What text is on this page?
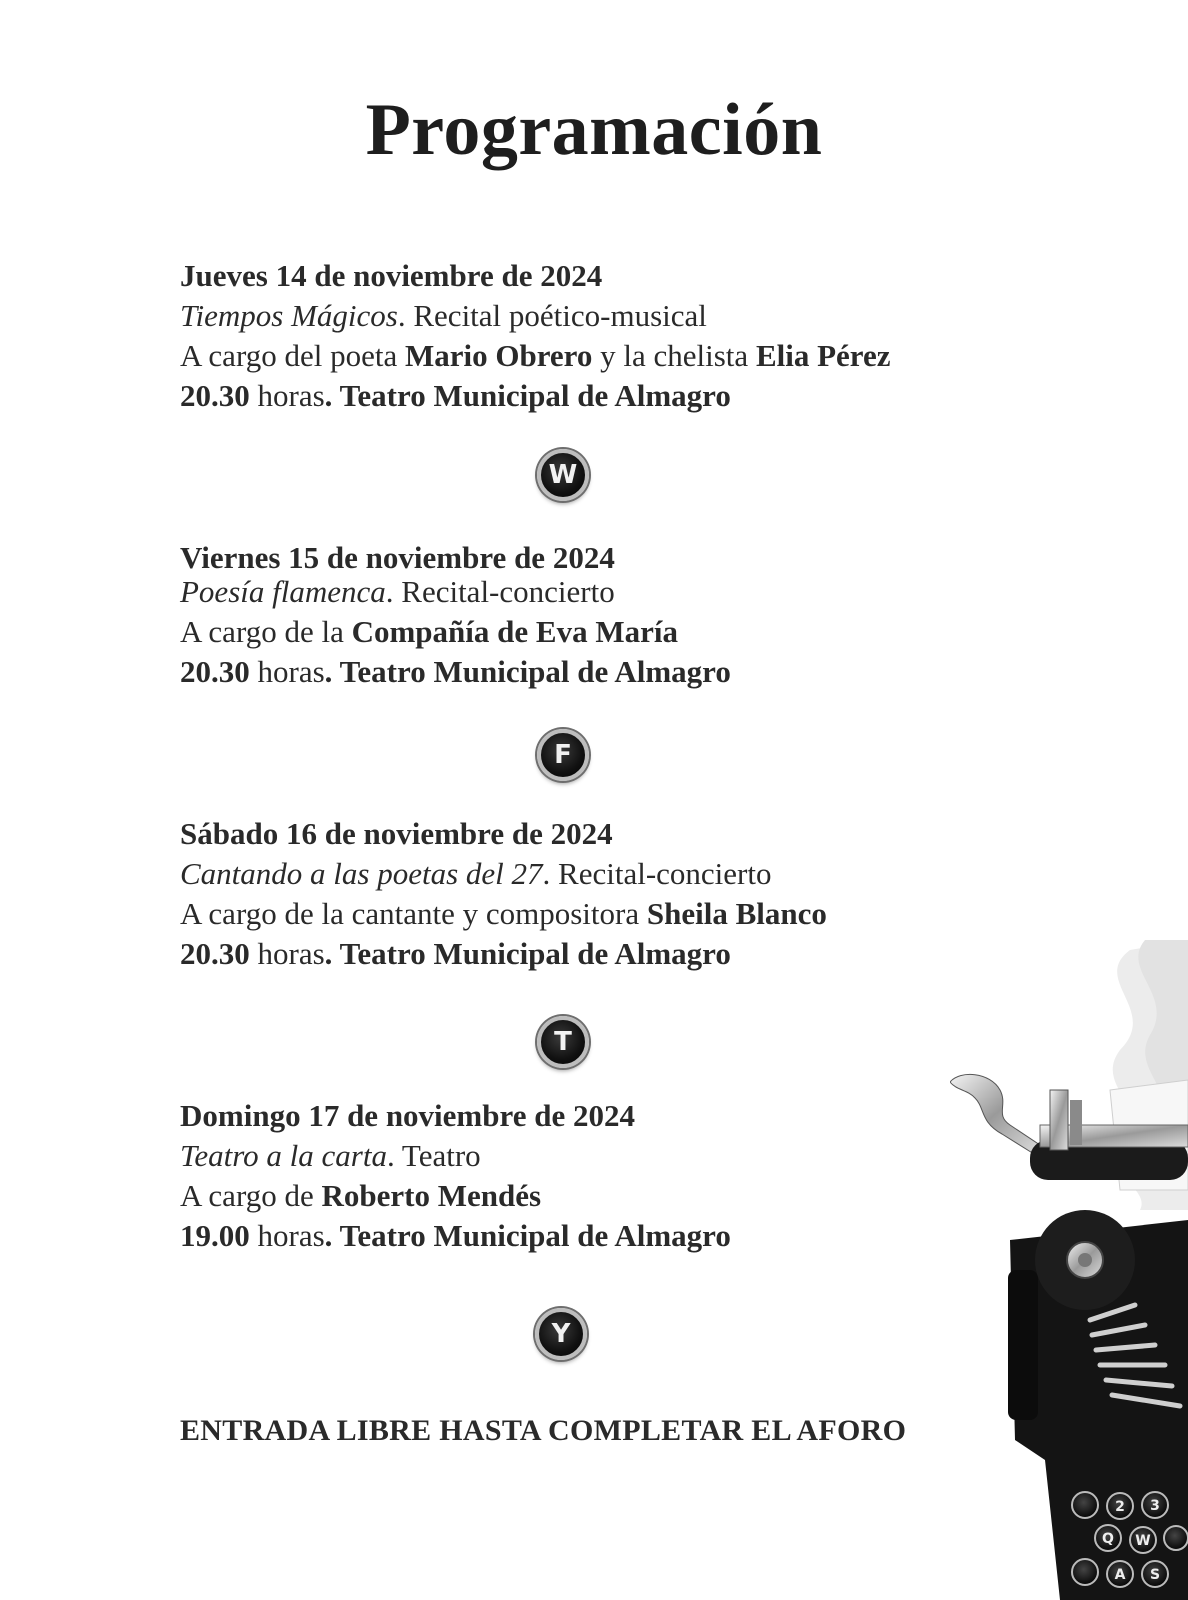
Programación
Jueves 14 de noviembre de 2024
Tiempos Mágicos. Recital poético-musical
A cargo del poeta Mario Obrero y la chelista Elia Pérez
20.30 horas. Teatro Municipal de Almagro
W
Viernes 15 de noviembre de 2024
Poesía flamenca. Recital-concierto
A cargo de la Compañía de Eva María
20.30 horas. Teatro Municipal de Almagro
F
Sábado 16 de noviembre de 2024
Cantando a las poetas del 27. Recital-concierto
A cargo de la cantante y compositora Sheila Blanco
20.30 horas. Teatro Municipal de Almagro
T
Domingo 17 de noviembre de 2024
Teatro a la carta. Teatro
A cargo de Roberto Mendés
19.00 horas. Teatro Municipal de Almagro
Y
ENTRADA LIBRE HASTA COMPLETAR EL AFORO
2 3
Q W
A S
